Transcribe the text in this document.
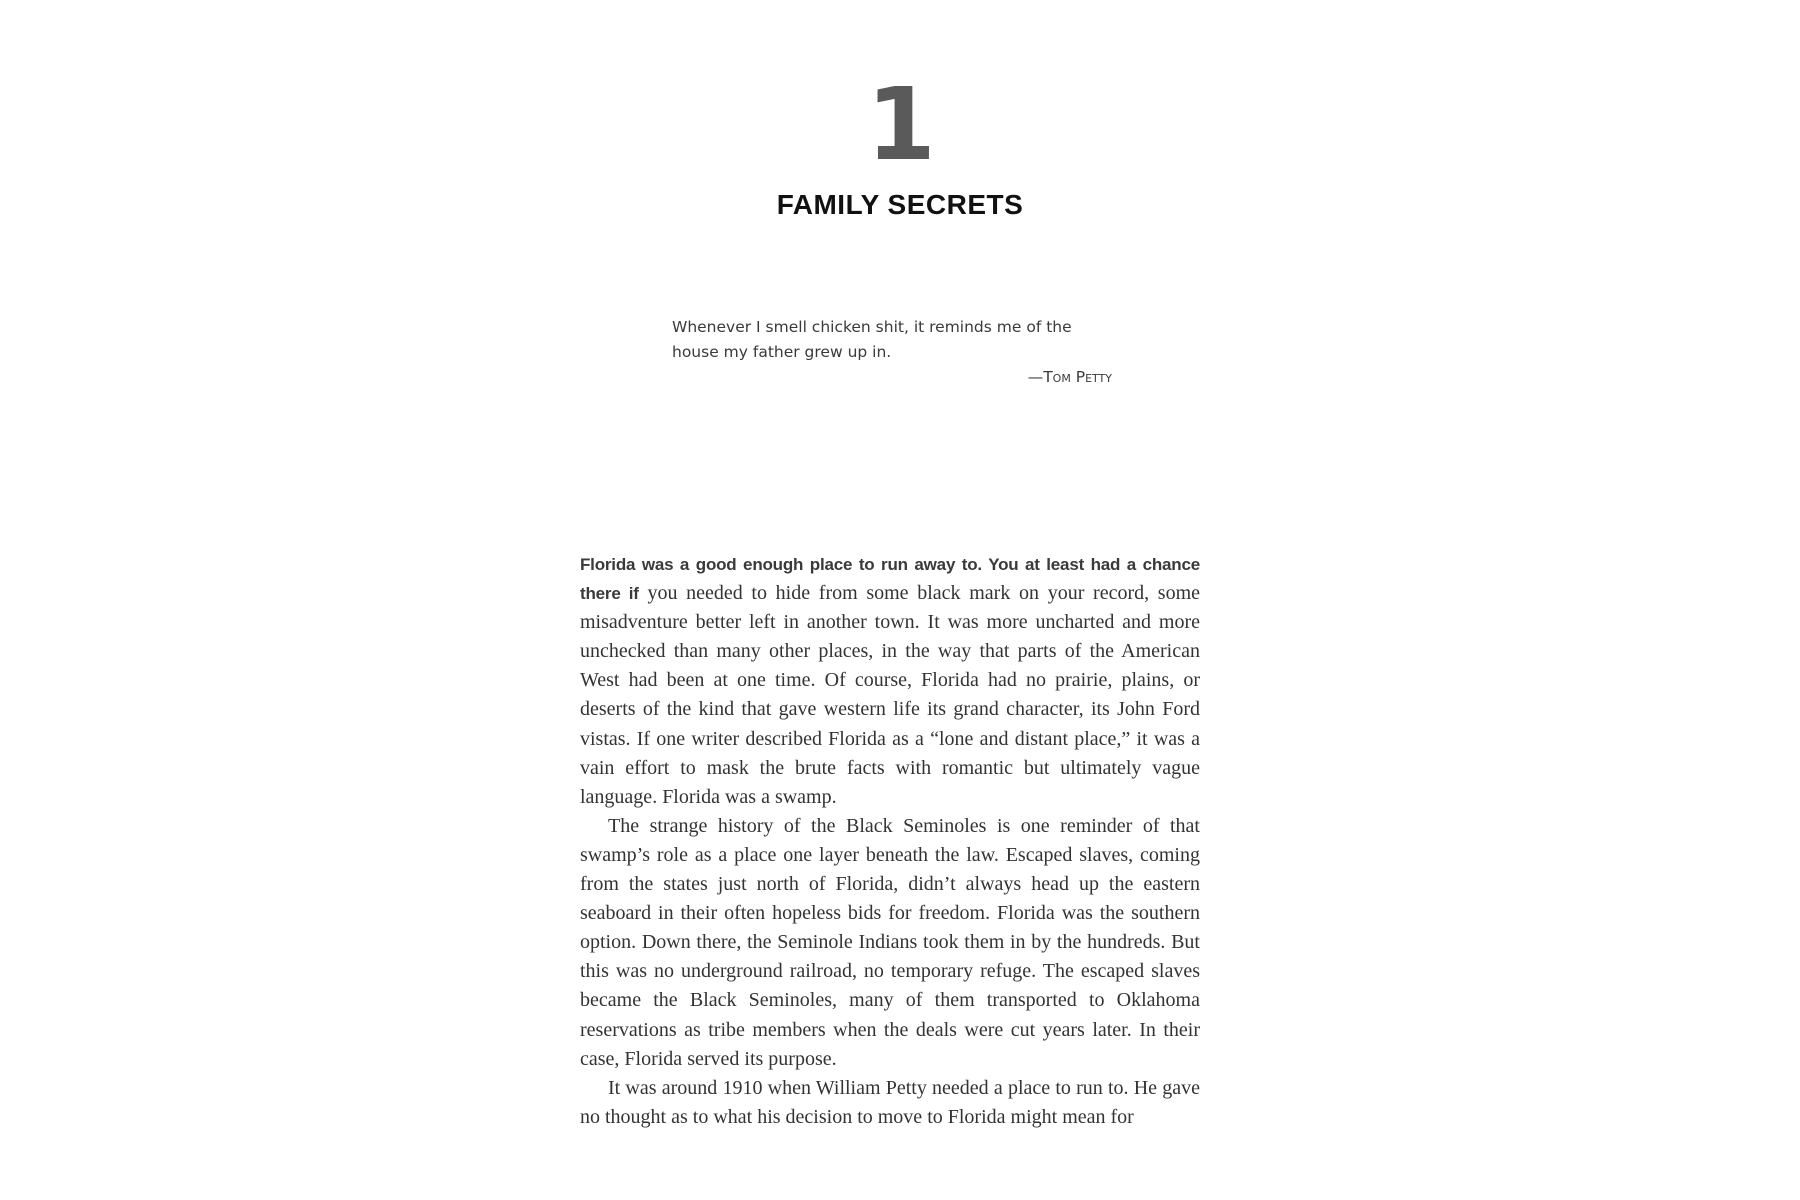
1
FAMILY SECRETS
Whenever I smell chicken shit, it reminds me of the house my father grew up in.
—Tom Petty

Florida was a good enough place to run away to. You at least had a chance there if you needed to hide from some black mark on your record, some misadventure better left in another town. It was more uncharted and more unchecked than many other places, in the way that parts of the American West had been at one time. Of course, Florida had no prairie, plains, or deserts of the kind that gave western life its grand character, its John Ford vistas. If one writer described Florida as a “lone and distant place,” it was a vain effort to mask the brute facts with romantic but ultimately vague language. Florida was a swamp.

The strange history of the Black Seminoles is one reminder of that swamp’s role as a place one layer beneath the law. Escaped slaves, coming from the states just north of Florida, didn’t always head up the eastern seaboard in their often hopeless bids for freedom. Florida was the southern option. Down there, the Seminole Indians took them in by the hundreds. But this was no underground railroad, no temporary refuge. The escaped slaves became the Black Seminoles, many of them transported to Oklahoma reservations as tribe members when the deals were cut years later. In their case, Florida served its purpose.

It was around 1910 when William Petty needed a place to run to. He gave no thought as to what his decision to move to Florida might mean for
